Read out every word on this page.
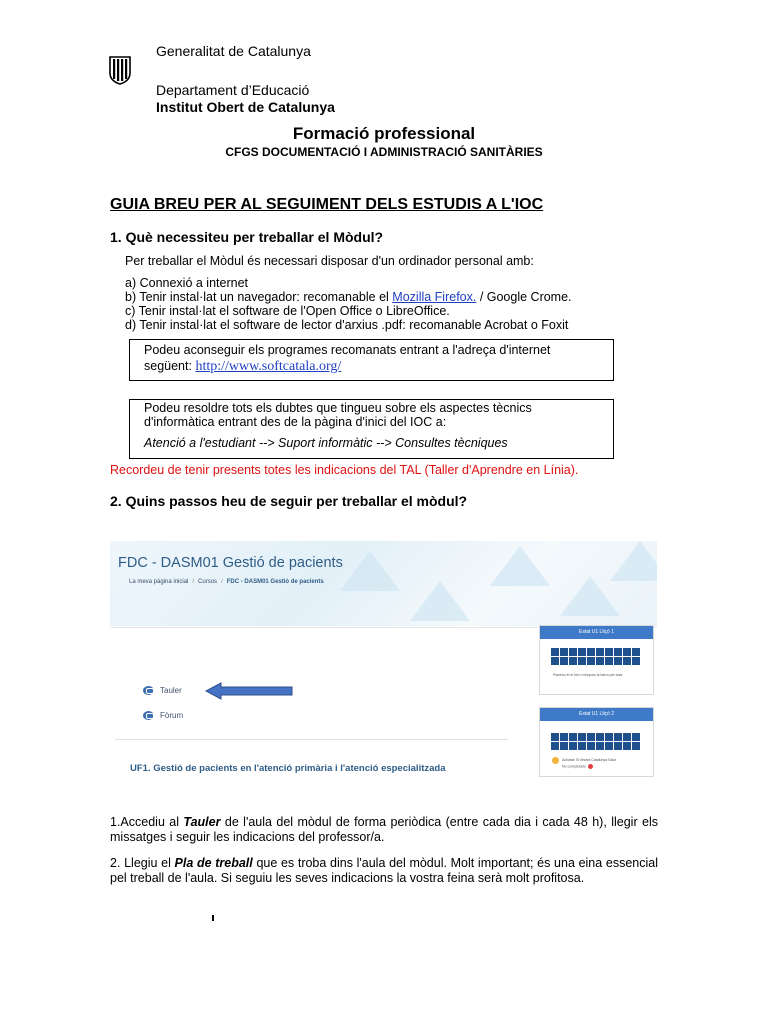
Generalitat de Catalunya
Departament d’Educació
Institut Obert de Catalunya
Formació professional
CFGS DOCUMENTACIÓ I ADMINISTRACIÓ SANITÀRIES
GUIA BREU PER AL SEGUIMENT DELS ESTUDIS A L'IOC
1. Què necessiteu per treballar el Mòdul?
Per treballar el Mòdul és necessari disposar d'un ordinador personal amb:
a) Connexió a internet
b) Tenir instal·lat un navegador: recomanable el Mozilla Firefox. / Google Crome.
c) Tenir instal·lat el software de l'Open Office o LibreOffice.
d) Tenir instal·lat el software de lector d'arxius .pdf: recomanable Acrobat o Foxit
Podeu aconseguir els programes recomanats entrant a l'adreça d'internet
següent: http://www.softcatala.org/
Podeu resoldre tots els dubtes que tingueu sobre els aspectes tècnics
d'informàtica entrant des de la pàgina d'inici del IOC a:
Atenció a l'estudiant --> Suport informàtic --> Consultes tècniques
Recordeu de tenir presents totes les indicacions del TAL (Taller d'Aprendre en Línia).
2. Quins passos heu de seguir per treballar el mòdul?
FDC - DASM01 Gestió de pacients
La meva pàgina inicial / Cursos / FDC - DASM01 Gestió de pacients
Tauler
Fòrum
UF1. Gestió de pacients en l'atenció primària i l'atenció especialitzada
Estat U1 Lliçó 1
Planeso él el títol o bloques la barra per anar
Estat U1 Lliçó 2
Activitat: El llevant Catalunya Salut
No completada
1.Accediu al Tauler de l'aula del mòdul de forma periòdica (entre cada dia i cada 48 h), llegir els missatges i seguir les indicacions del professor/a.
2. Llegiu el Pla de treball que es troba dins l'aula del mòdul. Molt important; és una eina essencial pel treball de l'aula. Si seguiu les seves indicacions la vostra feina serà molt profitosa.
